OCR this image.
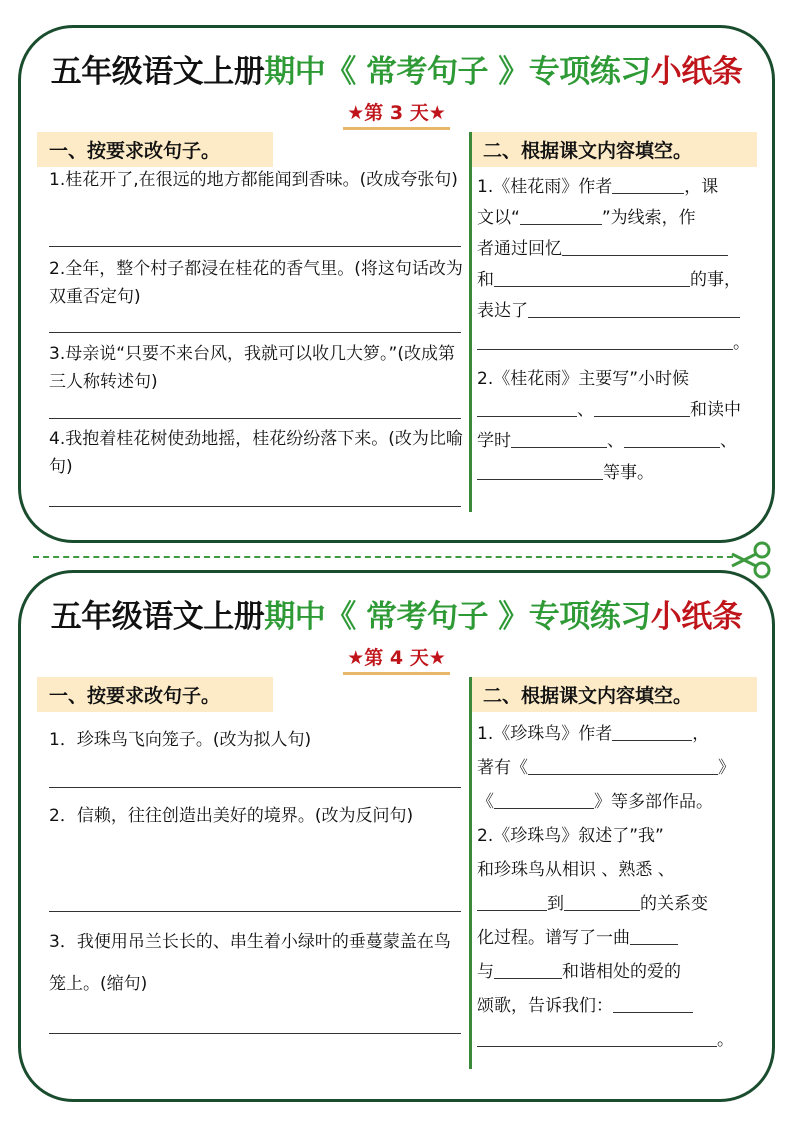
五年级语文上册期中《 常考句子 》专项练习小纸条
★第 3 天★
一、按要求改句子。	二、根据课文内容填空。
1.桂花开了,在很远的地方都能闻到香味。(改成夸张句)
2.全年，整个村子都浸在桂花的香气里。(将这句话改为双重否定句)
3.母亲说“只要不来台风，我就可以收几大箩。”(改成第三人称转述句)
4.我抱着桂花树使劲地摇，桂花纷纷落下来。(改为比喻句)
1.《桂花雨》作者	，课
文以“	”为线索，作
者通过回忆
和	的事，
表达了
。
2.《桂花雨》主要写”小时候
、	和读中
学时	、	、
等事。
五年级语文上册期中《 常考句子 》专项练习小纸条
★第 4 天★
一、按要求改句子。	二、根据课文内容填空。
1．珍珠鸟飞向笼子。(改为拟人句)
2．信赖，往往创造出美好的境界。(改为反问句)
3．我便用吊兰长长的、串生着小绿叶的垂蔓蒙盖在鸟笼上。(缩句)
1.《珍珠鸟》作者	，
著有《	》
《	》等多部作品。
2.《珍珠鸟》叙述了”我”
和珍珠鸟从相识 、熟悉 、
到	的关系变
化过程。谱写了一曲
与	和谐相处的爱的
颂歌，告诉我们：
。
